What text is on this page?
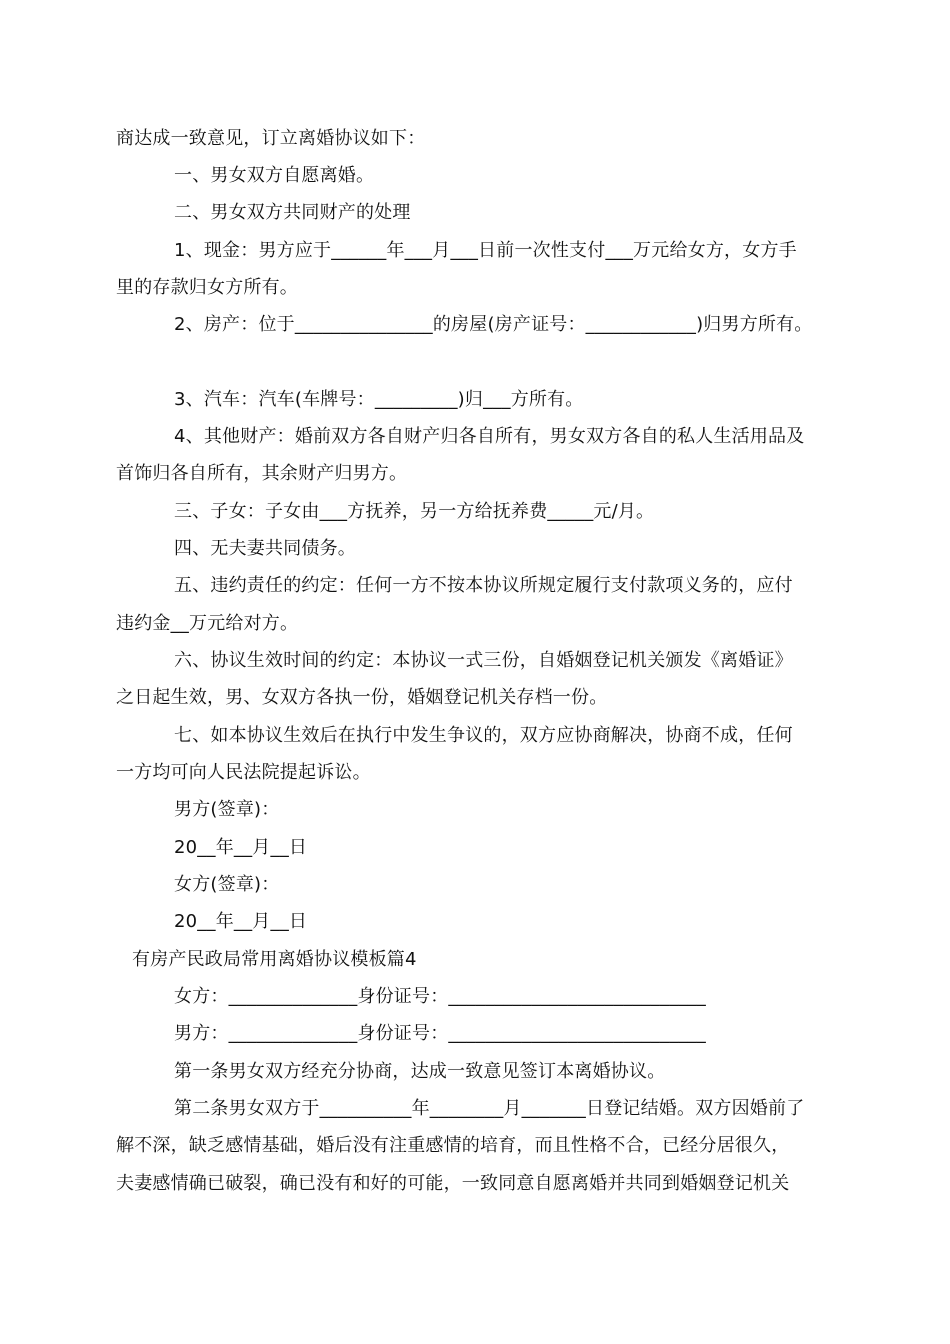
商达成一致意见，订立离婚协议如下：
一、男女双方自愿离婚。
二、男女双方共同财产的处理
1、现金：男方应于______年___月___日前一次性支付___万元给女方，女方手
里的存款归女方所有。
2、房产：位于_______________的房屋(房产证号：____________)归男方所有。
3、汽车：汽车(车牌号：_________)归___方所有。
4、其他财产：婚前双方各自财产归各自所有，男女双方各自的私人生活用品及
首饰归各自所有，其余财产归男方。
三、子女：子女由___方抚养，另一方给抚养费_____元/月。
四、无夫妻共同债务。
五、违约责任的约定：任何一方不按本协议所规定履行支付款项义务的，应付
违约金__万元给对方。
六、协议生效时间的约定：本协议一式三份，自婚姻登记机关颁发《离婚证》
之日起生效，男、女双方各执一份，婚姻登记机关存档一份。
七、如本协议生效后在执行中发生争议的，双方应协商解决，协商不成，任何
一方均可向人民法院提起诉讼。
男方(签章)：
20__年__月__日
女方(签章)：
20__年__月__日
有房产民政局常用离婚协议模板篇4
女方：______________身份证号：____________________________
男方：______________身份证号：____________________________
第一条男女双方经充分协商，达成一致意见签订本离婚协议。
第二条男女双方于__________年________月_______日登记结婚。双方因婚前了
解不深，缺乏感情基础，婚后没有注重感情的培育，而且性格不合，已经分居很久，
夫妻感情确已破裂，确已没有和好的可能，一致同意自愿离婚并共同到婚姻登记机关
